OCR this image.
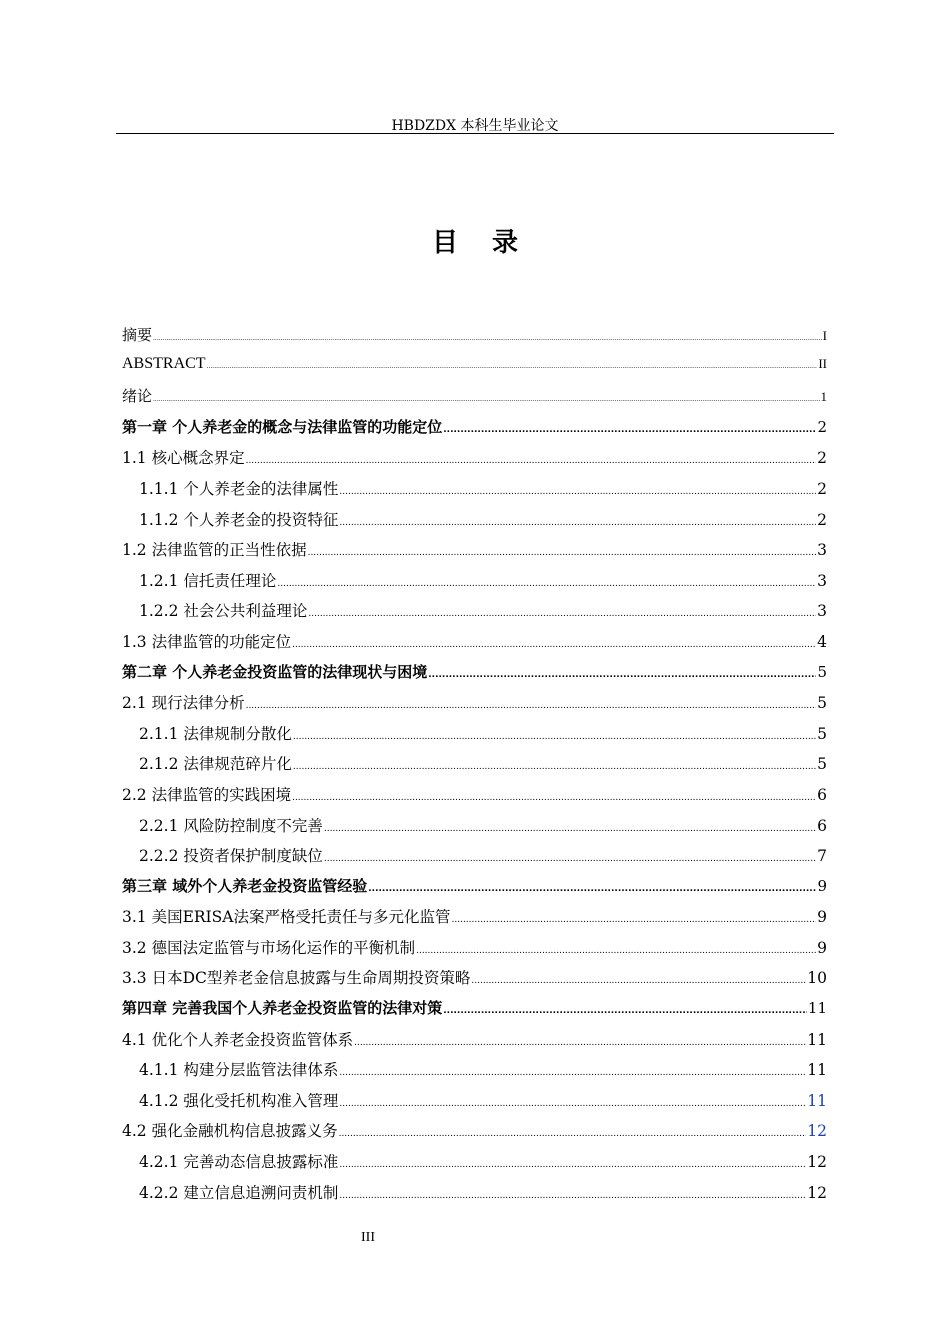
HBDZDX 本科生毕业论文
目录
摘要 .....	I
ABSTRACT .....	II
绪论 .....	1
第一章 个人养老金的概念与法律监管的功能定位 .....	2
1.1 核心概念界定 .....	2
1.1.1 个人养老金的法律属性 .....	2
1.1.2 个人养老金的投资特征 .....	2
1.2 法律监管的正当性依据 .....	3
1.2.1 信托责任理论 .....	3
1.2.2 社会公共利益理论 .....	3
1.3 法律监管的功能定位 .....	4
第二章 个人养老金投资监管的法律现状与困境 .....	5
2.1 现行法律分析 .....	5
2.1.1 法律规制分散化 .....	5
2.1.2 法律规范碎片化 .....	5
2.2 法律监管的实践困境 .....	6
2.2.1 风险防控制度不完善 .....	6
2.2.2 投资者保护制度缺位 .....	7
第三章 域外个人养老金投资监管经验 .....	9
3.1 美国ERISA法案严格受托责任与多元化监管 .....	9
3.2 德国法定监管与市场化运作的平衡机制 .....	9
3.3 日本DC型养老金信息披露与生命周期投资策略 .....	10
第四章 完善我国个人养老金投资监管的法律对策 .....	11
4.1 优化个人养老金投资监管体系 .....	11
4.1.1 构建分层监管法律体系 .....	11
4.1.2 强化受托机构准入管理 .....	11
4.2 强化金融机构信息披露义务 .....	12
4.2.1 完善动态信息披露标准 .....	12
4.2.2 建立信息追溯问责机制 .....	12
III
